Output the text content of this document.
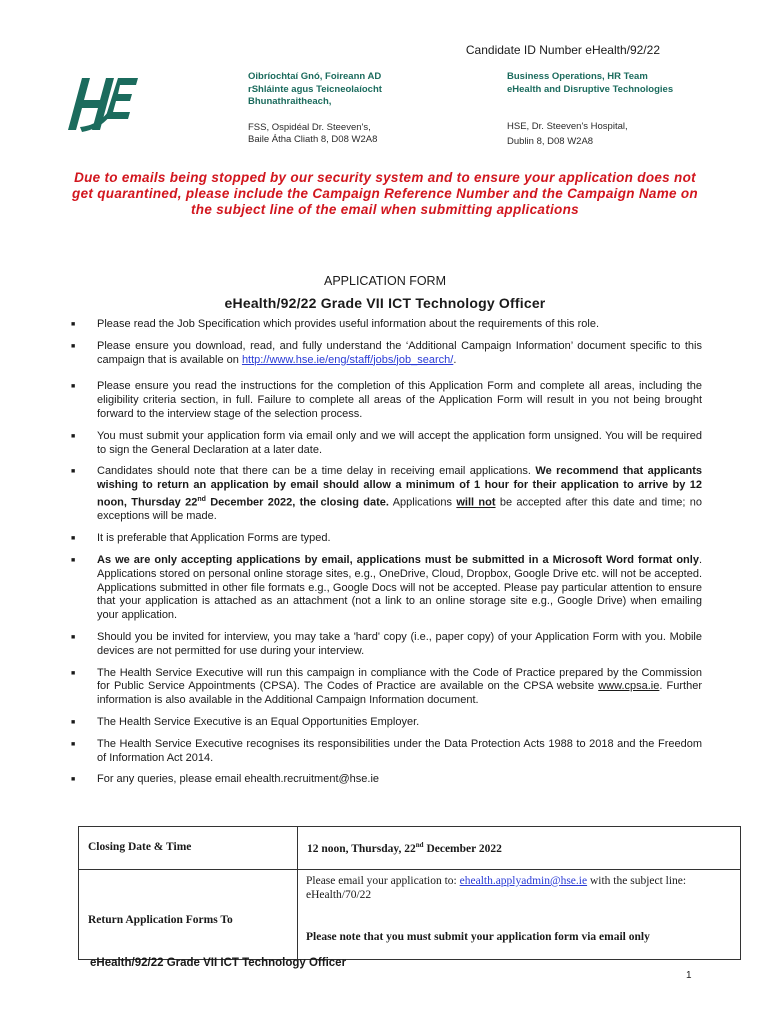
Candidate ID Number eHealth/92/22
Oibríochtaí Gnó, Foireann AD
rShláinte agus Teicneolaíocht
Bhunathraitheach,
FSS, Ospidéal Dr. Steeven's,
Baile Átha Cliath 8, D08 W2A8
Business Operations, HR Team
eHealth and Disruptive Technologies
HSE, Dr. Steeven's Hospital,
Dublin 8, D08 W2A8
Due to emails being stopped by our security system and to ensure your application does not get quarantined, please include the Campaign Reference Number and the Campaign Name on the subject line of the email when submitting applications
APPLICATION FORM
eHealth/92/22 Grade VII ICT Technology Officer
■ Please read the Job Specification which provides useful information about the requirements of this role.
■ Please ensure you download, read, and fully understand the ‘Additional Campaign Information’ document specific to this campaign that is available on http://www.hse.ie/eng/staff/jobs/job_search/.
■ Please ensure you read the instructions for the completion of this Application Form and complete all areas, including the eligibility criteria section, in full. Failure to complete all areas of the Application Form will result in you not being brought forward to the interview stage of the selection process.
■ You must submit your application form via email only and we will accept the application form unsigned. You will be required to sign the General Declaration at a later date.
■ Candidates should note that there can be a time delay in receiving email applications. We recommend that applicants wishing to return an application by email should allow a minimum of 1 hour for their application to arrive by 12 noon, Thursday 22nd December 2022, the closing date. Applications will not be accepted after this date and time; no exceptions will be made.
■ It is preferable that Application Forms are typed.
■ As we are only accepting applications by email, applications must be submitted in a Microsoft Word format only. Applications stored on personal online storage sites, e.g., OneDrive, Cloud, Dropbox, Google Drive etc. will not be accepted. Applications submitted in other file formats e.g., Google Docs will not be accepted. Please pay particular attention to ensure that your application is attached as an attachment (not a link to an online storage site e.g., Google Drive) when emailing your application.
■ Should you be invited for interview, you may take a 'hard' copy (i.e., paper copy) of your Application Form with you. Mobile devices are not permitted for use during your interview.
■ The Health Service Executive will run this campaign in compliance with the Code of Practice prepared by the Commission for Public Service Appointments (CPSA). The Codes of Practice are available on the CPSA website www.cpsa.ie. Further information is also available in the Additional Campaign Information document.
■ The Health Service Executive is an Equal Opportunities Employer.
■ The Health Service Executive recognises its responsibilities under the Data Protection Acts 1988 to 2018 and the Freedom of Information Act 2014.
■ For any queries, please email ehealth.recruitment@hse.ie
Closing Date & Time	12 noon, Thursday, 22nd December 2022
Return Application Forms To	Please email your application to: ehealth.applyadmin@hse.ie with the subject line: eHealth/70/22
Please note that you must submit your application form via email only
eHealth/92/22 Grade VII ICT Technology Officer
1
